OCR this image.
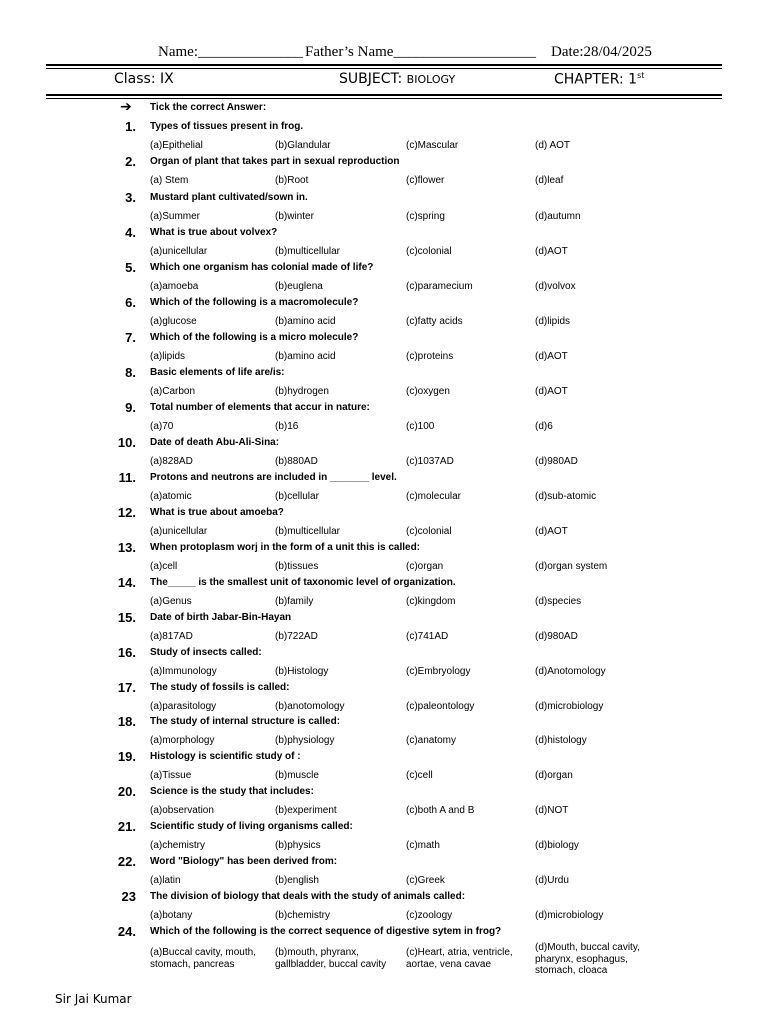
Name:______________ Father’s Name___________________ Date:28/04/2025
Class: IX	SUBJECT: BIOLOGY	CHAPTER: 1st
➔ Tick the correct Answer:
1. Types of tissues present in frog.
(a)Epithelial	(b)Glandular	(c)Mascular	(d) AOT
2. Organ of plant that takes part in sexual reproduction
(a) Stem	(b)Root	(c)flower	(d)leaf
3. Mustard plant cultivated/sown in.
(a)Summer	(b)winter	(c)spring	(d)autumn
4. What is true about volvex?
(a)unicellular	(b)multicellular	(c)colonial	(d)AOT
5. Which one organism has colonial made of life?
(a)amoeba	(b)euglena	(c)paramecium	(d)volvox
6. Which of the following is a macromolecule?
(a)glucose	(b)amino acid	(c)fatty acids	(d)lipids
7. Which of the following is a micro molecule?
(a)lipids	(b)amino acid	(c)proteins	(d)AOT
8. Basic elements of life are/is:
(a)Carbon	(b)hydrogen	(c)oxygen	(d)AOT
9. Total number of elements that accur in nature:
(a)70	(b)16	(c)100	(d)6
10. Date of death Abu-Ali-Sina:
(a)828AD	(b)880AD	(c)1037AD	(d)980AD
11. Protons and neutrons are included in _______ level.
(a)atomic	(b)cellular	(c)molecular	(d)sub-atomic
12. What is true about amoeba?
(a)unicellular	(b)multicellular	(c)colonial	(d)AOT
13. When protoplasm worj in the form of a unit this is called:
(a)cell	(b)tissues	(c)organ	(d)organ system
14. The_____ is the smallest unit of taxonomic level of organization.
(a)Genus	(b)family	(c)kingdom	(d)species
15. Date of birth Jabar-Bin-Hayan
(a)817AD	(b)722AD	(c)741AD	(d)980AD
16. Study of insects called:
(a)Immunology	(b)Histology	(c)Embryology	(d)Anotomology
17. The study of fossils is called:
(a)parasitology	(b)anotomology	(c)paleontology	(d)microbiology
18. The study of internal structure is called:
(a)morphology	(b)physiology	(c)anatomy	(d)histology
19. Histology is scientific study of :
(a)Tissue	(b)muscle	(c)cell	(d)organ
20. Science is the study that includes:
(a)observation	(b)experiment	(c)both A and B	(d)NOT
21. Scientific study of living organisms called:
(a)chemistry	(b)physics	(c)math	(d)biology
22. Word "Biology" has been derived from:
(a)latin	(b)english	(c)Greek	(d)Urdu
23 The division of biology that deals with the study of animals called:
(a)botany	(b)chemistry	(c)zoology	(d)microbiology
24. Which of the following is the correct sequence of digestive sytem in frog?
(a)Buccal cavity, mouth, stomach, pancreas
(b)mouth, phyranx, gallbladder, buccal cavity
(c)Heart, atria, ventricle, aortae, vena cavae
(d)Mouth, buccal cavity, pharynx, esophagus, stomach, cloaca
Sir Jai Kumar
